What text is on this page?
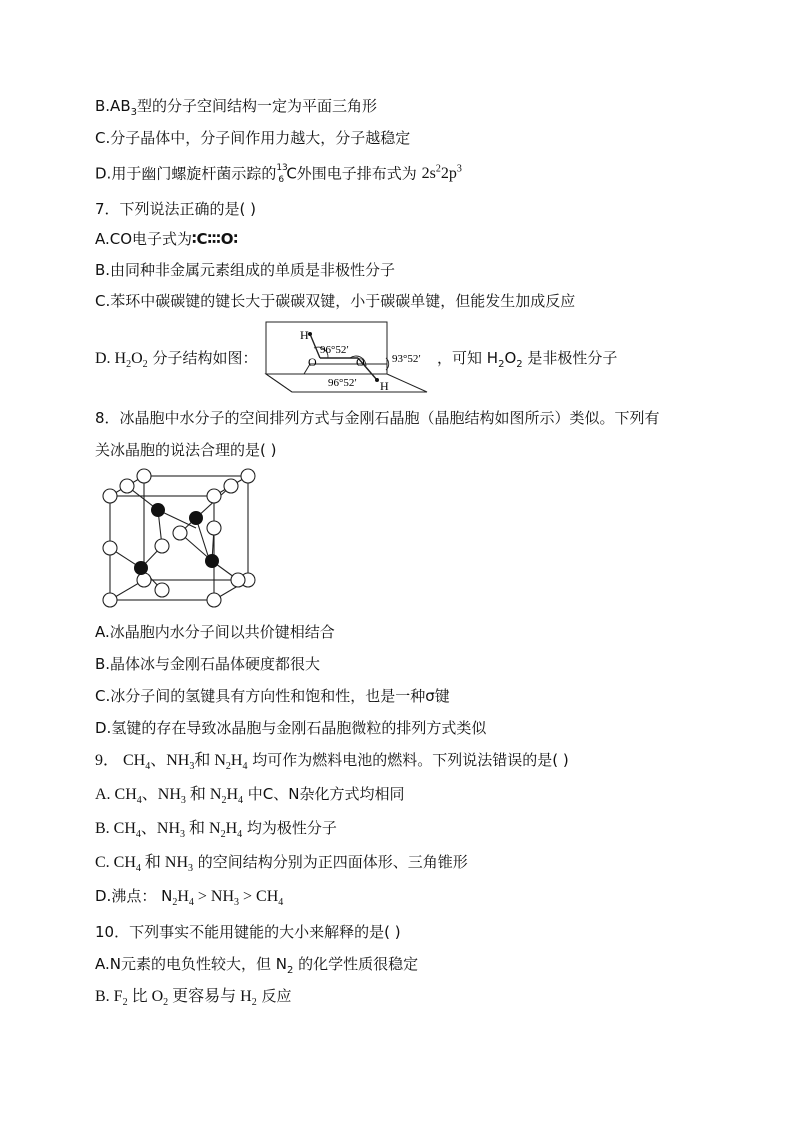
$B.AB_3$型的分子空间结构一定为平面三角形
C.分子晶体中，分子间作用力越大，分子越稳定
D.用于幽门螺旋杆菌示踪的 13
6 C外围电子排布式为 $2s^22p^3$
7．下列说法正确的是( )
A.CO电子式为∶C∶∶∶O∶
B.由同种非金属元素组成的单质是非极性分子
C.苯环中碳碳键的键长大于碳碳双键，小于碳碳单键，但能发生加成反应
D. $H_2O_2$ 分子结构如图：	，可知 $H_2O_2$ 是非极性分子
H
O
96°52′
O 93°52′
96°52′ H
8．冰晶胞中水分子的空间排列方式与金刚石晶胞（晶胞结构如图所示）类似。下列有
关冰晶胞的说法合理的是( )
A.冰晶胞内水分子间以共价键相结合
B.晶体冰与金刚石晶体硬度都很大
C.冰分子间的氢键具有方向性和饱和性，也是一种σ键
D.氢键的存在导致冰晶胞与金刚石晶胞微粒的排列方式类似
9． $CH_4$、$NH_3$和 $N_2H_4$ 均可作为燃料电池的燃料。下列说法错误的是( )
A. $CH_4$、$NH_3$ 和 $N_2H_4$ 中C、N杂化方式均相同
B. $CH_4$、$NH_3$ 和 $N_2H_4$ 均为极性分子
C. $CH_4$ 和 $NH_3$ 的空间结构分别为正四面体形、三角锥形
D.沸点： $N_2H_4 > NH_3 > CH_4$
10．下列事实不能用键能的大小来解释的是( )
A.N元素的电负性较大，但 $N_2$ 的化学性质很稳定
B. $F_2$ 比 $O_2$ 更容易与 $H_2$ 反应
